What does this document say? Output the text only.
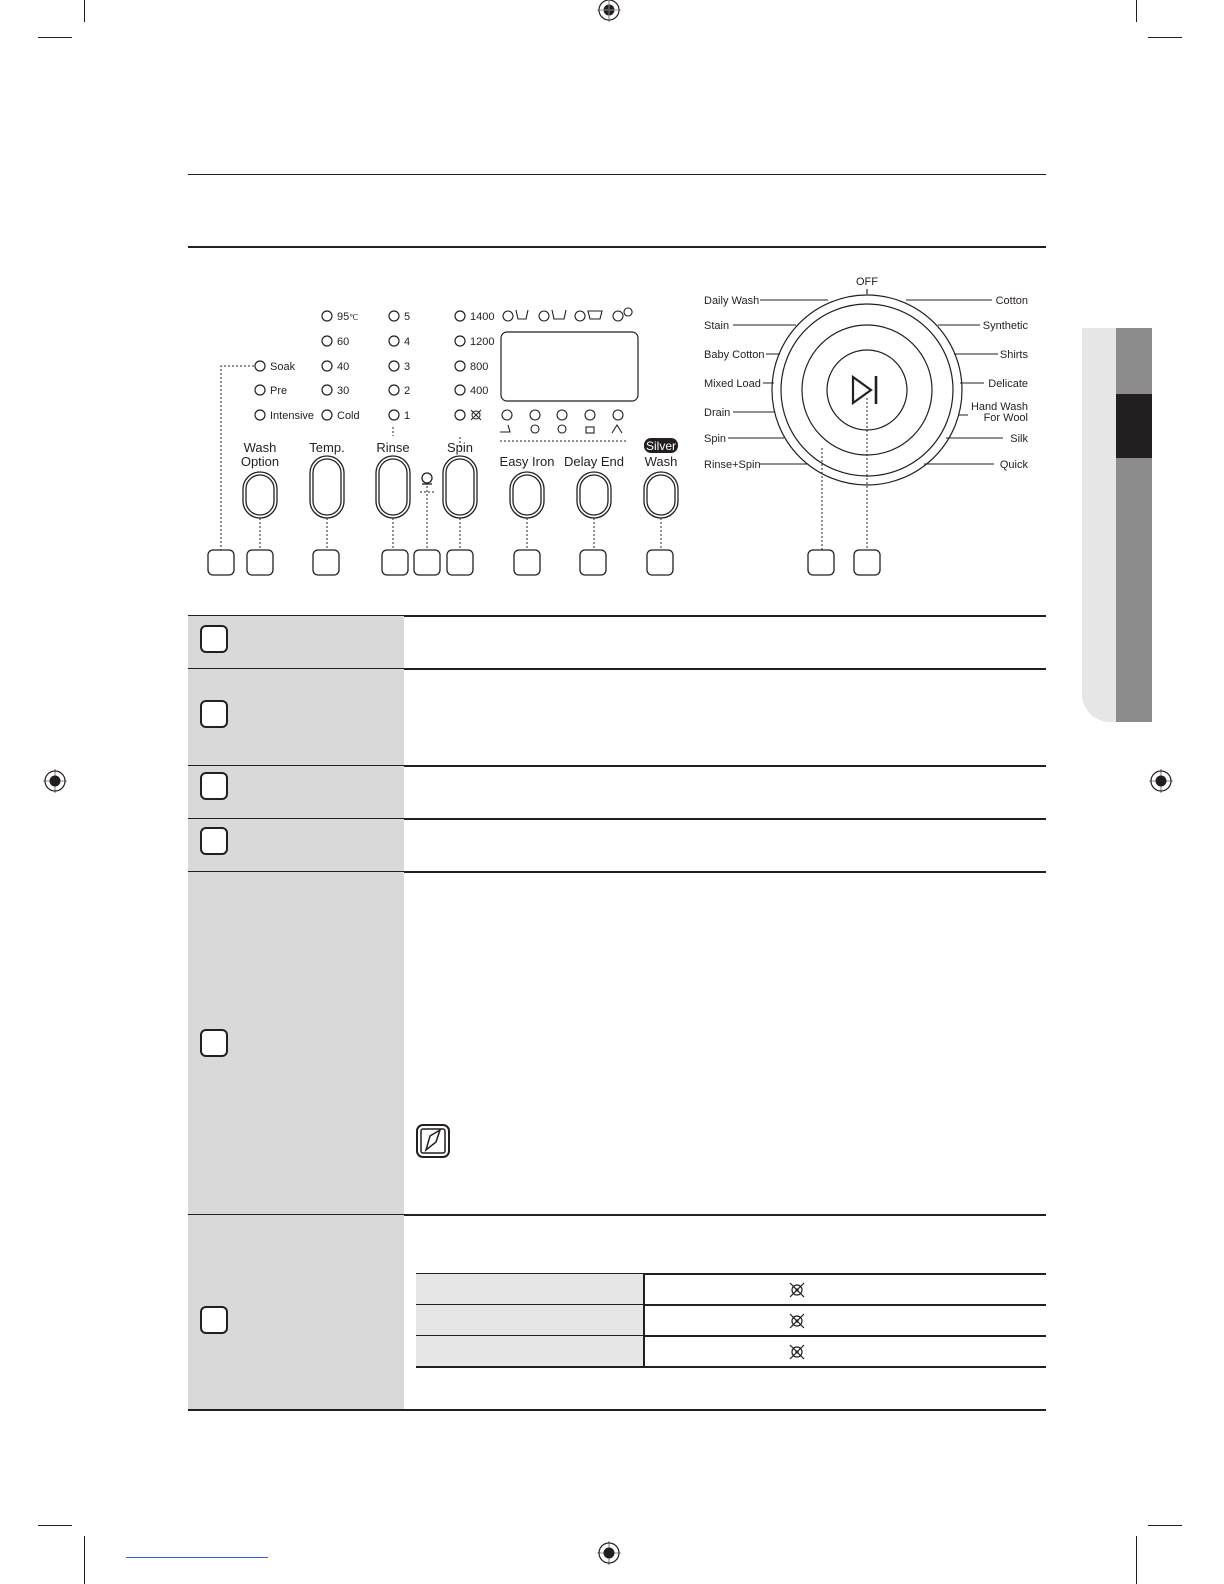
Soak
Pre
Intensive
95℃
60
40
30
Cold
5
4
3
2
1
1400
1200
800
400
Wash
Option
Temp. Rinse	Spin
Easy Iron Delay End
Silver
Wash
OFF
Daily Wash
Stain
Baby Cotton
Mixed Load
Drain
Spin
Rinse+Spin
Cotton
Synthetic
Shirts
Delicate
Hand Wash
For Wool
Silk
Quick
